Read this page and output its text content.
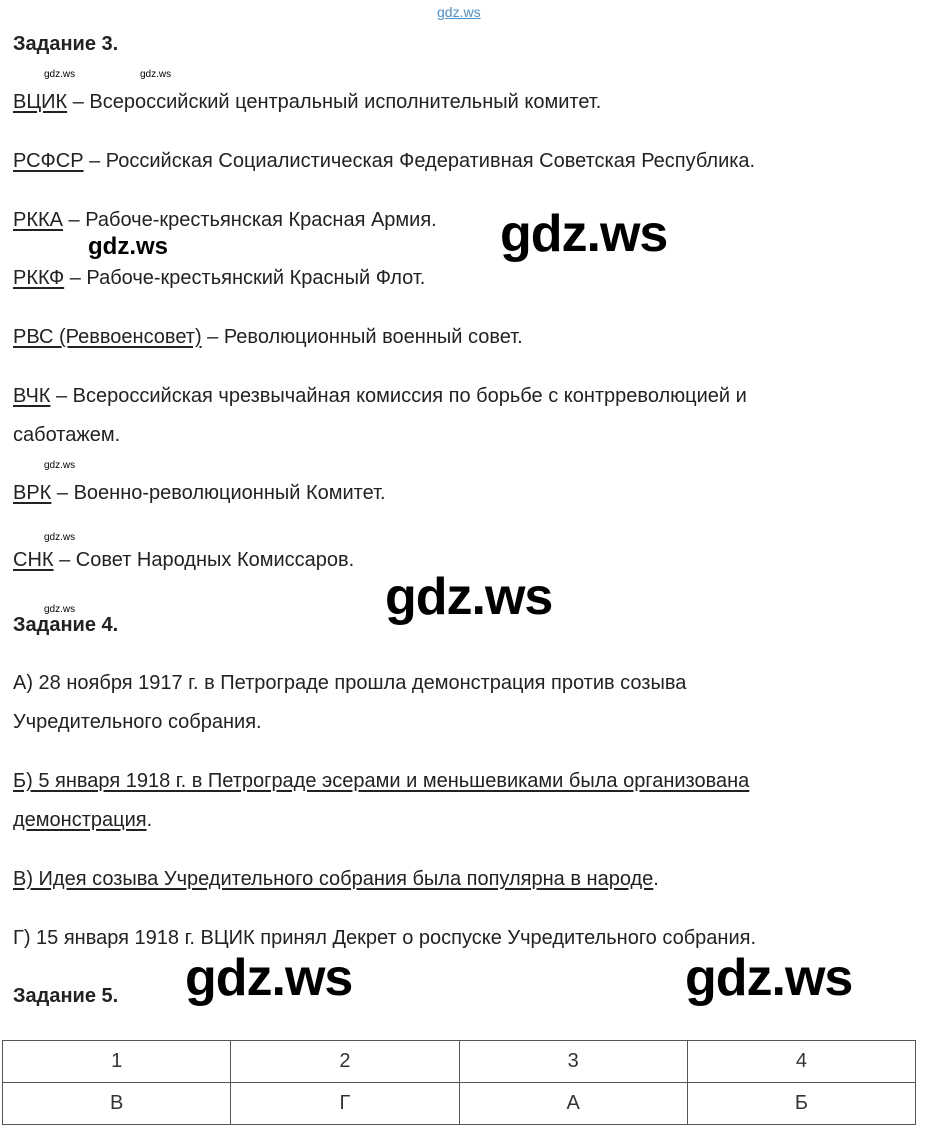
gdz.ws
Задание 3.
gdz.ws	gdz.ws
ВЦИК – Всероссийский центральный исполнительный комитет.
РСФСР – Российская Социалистическая Федеративная Советская Республика.
РККА – Рабоче-крестьянская Красная Армия.
gdz.ws	gdz.ws
РККФ – Рабоче-крестьянский Красный Флот.
РВС (Реввоенсовет) – Революционный военный совет.
ВЧК – Всероссийская чрезвычайная комиссия по борьбе с контрреволюцией и
саботажем.
gdz.ws
ВРК – Военно-революционный Комитет.
gdz.ws
СНК – Совет Народных Комиссаров.
gdz.ws
gdz.ws
Задание 4.
А) 28 ноября 1917 г. в Петрограде прошла демонстрация против созыва
Учредительного собрания.
Б) 5 января 1918 г. в Петрограде эсерами и меньшевиками была организована
демонстрация.
В) Идея созыва Учредительного собрания была популярна в народе.
Г) 15 января 1918 г. ВЦИК принял Декрет о роспуске Учредительного собрания.
Задание 5. gdz.ws	gdz.ws
1	2	3	4
В	Г	А	Б
